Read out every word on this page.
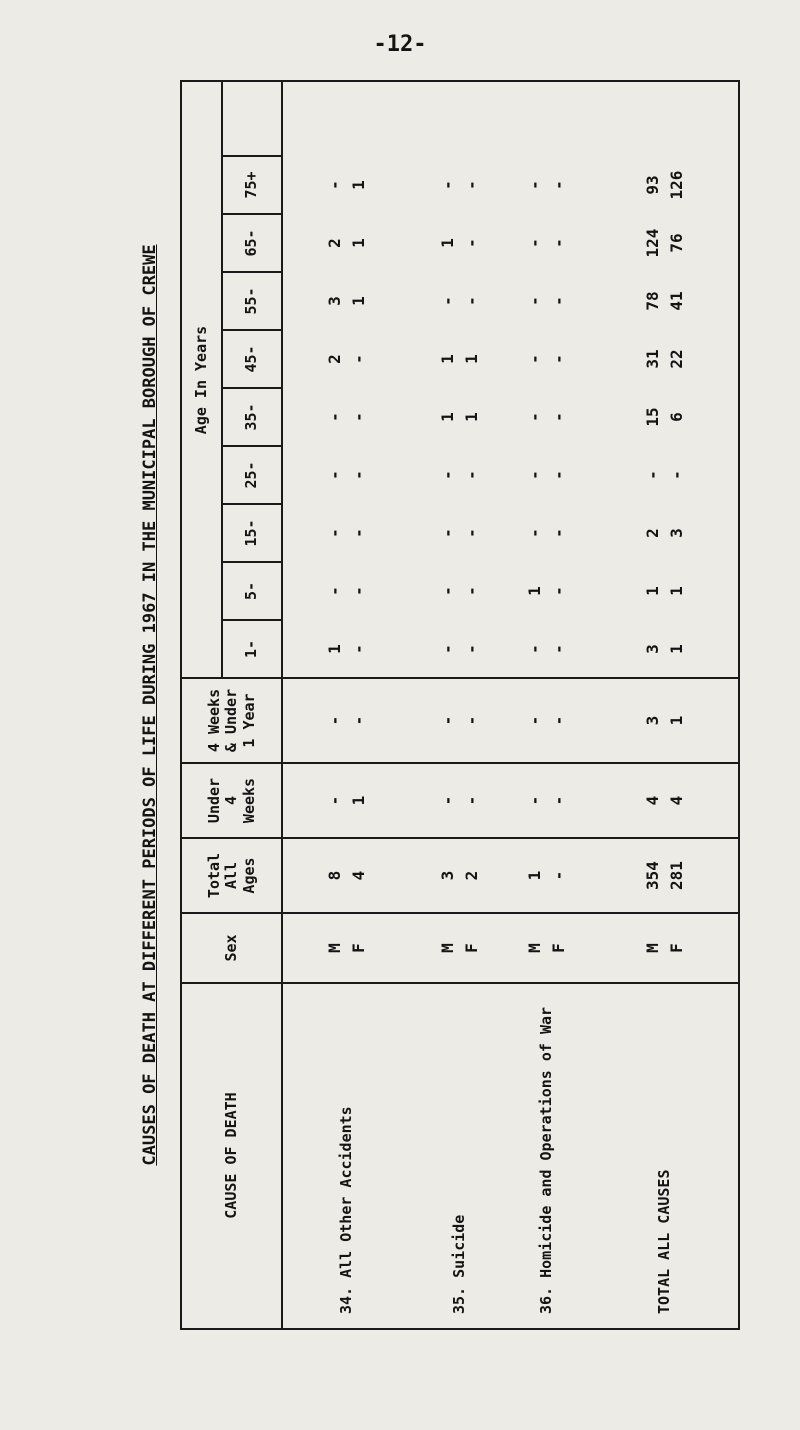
-12-
CAUSES OF DEATH AT DIFFERENT PERIODS OF LIFE DURING 1967 IN THE MUNICIPAL BOROUGH OF CREWE	CAUSE OF DEATH
Sex
Total
All
Ages
Under
4
Weeks
4 Weeks
& Under
1 Year
Age In Years
1-
5-
15-
25-
35-
45-
55-
65-
75+
34. All Other Accidents
M
8
-
-
1
-
-
-
-
2
3
2
-
F
4
1
-
-
-
-
-
-
-
1
1
1
35. Suicide
M
3
-
-
-
-
-
-
1
1
-
1
-
F
2
-
-
-
-
-
-
1
1
-
-
-
36. Homicide and Operations of War
M
1
-
-
-
1
-
-
-
-
-
-
-
F
-
-
-
-
-
-
-
-
-
-
-
-
TOTAL ALL CAUSES
M
354
4
3
3
1
2
-
15
31
78
124
93
F
281
4
1
1
1
3
-
6
22
41
76
126
